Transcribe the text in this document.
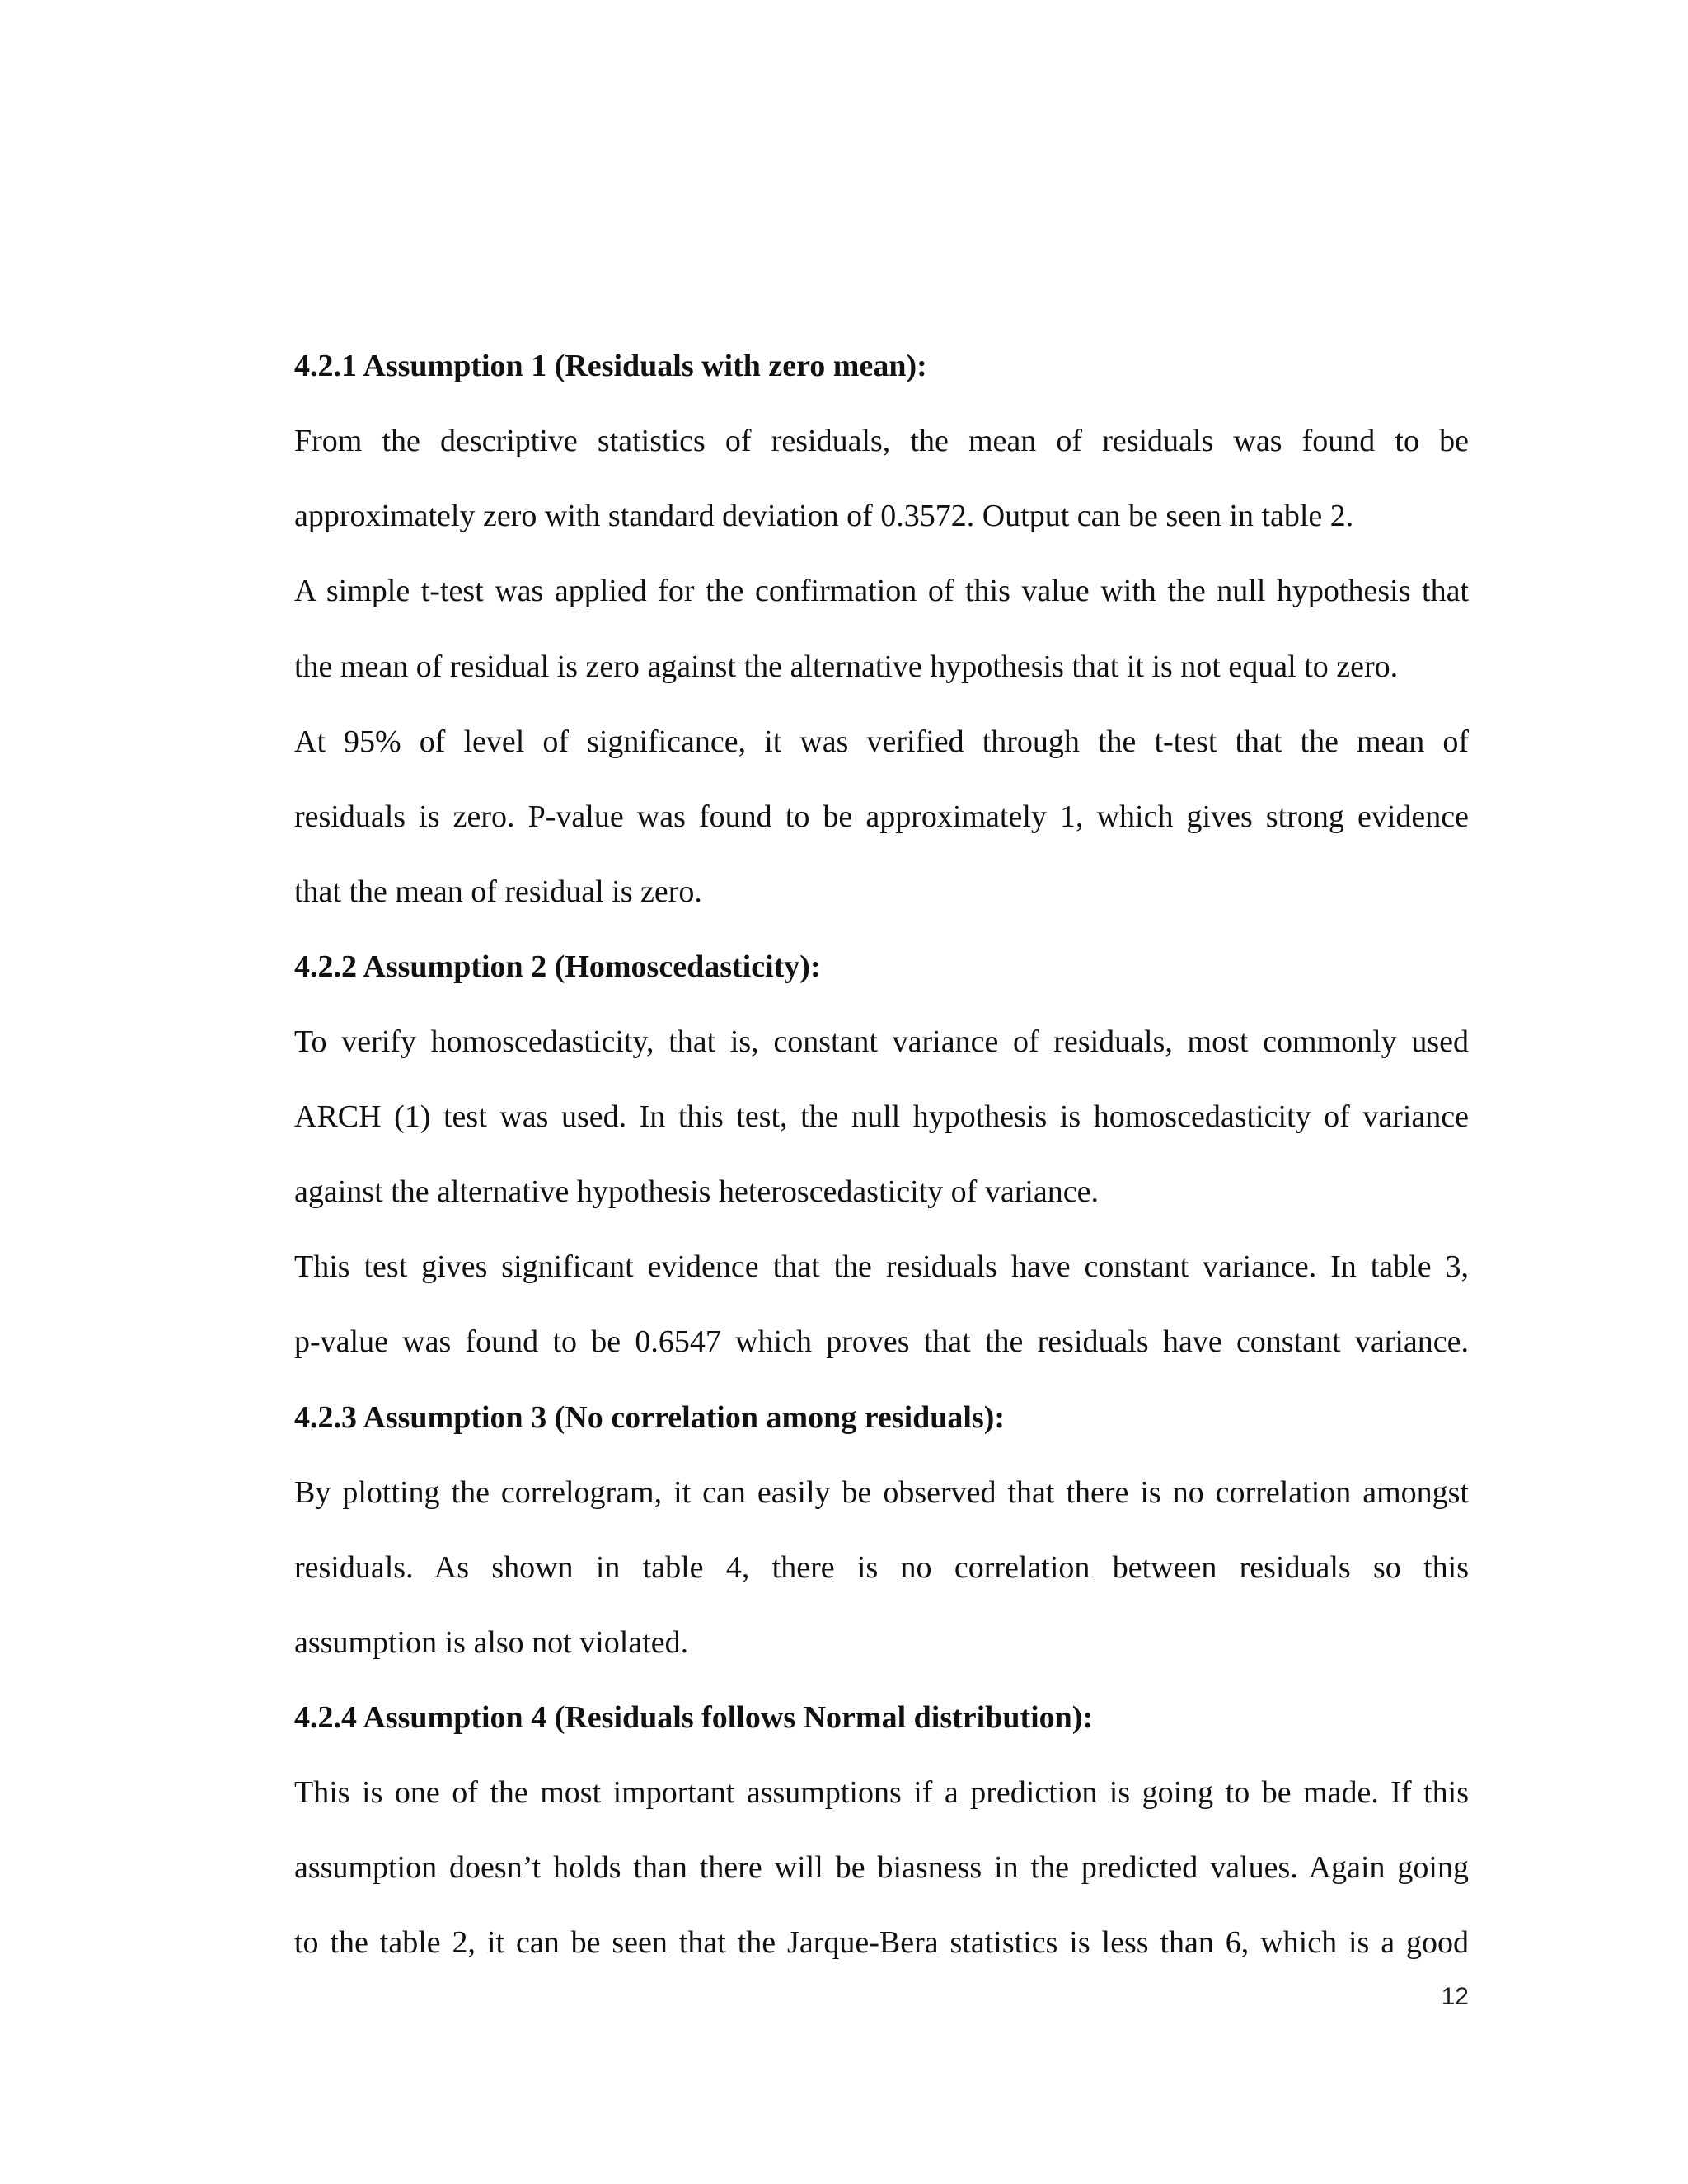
4.2.1 Assumption 1 (Residuals with zero mean):
From the descriptive statistics of residuals, the mean of residuals was found to be
approximately zero with standard deviation of 0.3572. Output can be seen in table 2.
A simple t-test was applied for the confirmation of this value with the null hypothesis that
the mean of residual is zero against the alternative hypothesis that it is not equal to zero.
At 95% of level of significance, it was verified through the t-test that the mean of
residuals is zero. P-value was found to be approximately 1, which gives strong evidence
that the mean of residual is zero.
4.2.2 Assumption 2 (Homoscedasticity):
To verify homoscedasticity, that is, constant variance of residuals, most commonly used
ARCH (1) test was used. In this test, the null hypothesis is homoscedasticity of variance
against the alternative hypothesis heteroscedasticity of variance.
This test gives significant evidence that the residuals have constant variance. In table 3,
p-value was found to be 0.6547 which proves that the residuals have constant variance.
4.2.3 Assumption 3 (No correlation among residuals):
By plotting the correlogram, it can easily be observed that there is no correlation amongst
residuals. As shown in table 4, there is no correlation between residuals so this
assumption is also not violated.
4.2.4 Assumption 4 (Residuals follows Normal distribution):
This is one of the most important assumptions if a prediction is going to be made. If this
assumption doesn’t holds than there will be biasness in the predicted values. Again going
to the table 2, it can be seen that the Jarque-Bera statistics is less than 6, which is a good
12
